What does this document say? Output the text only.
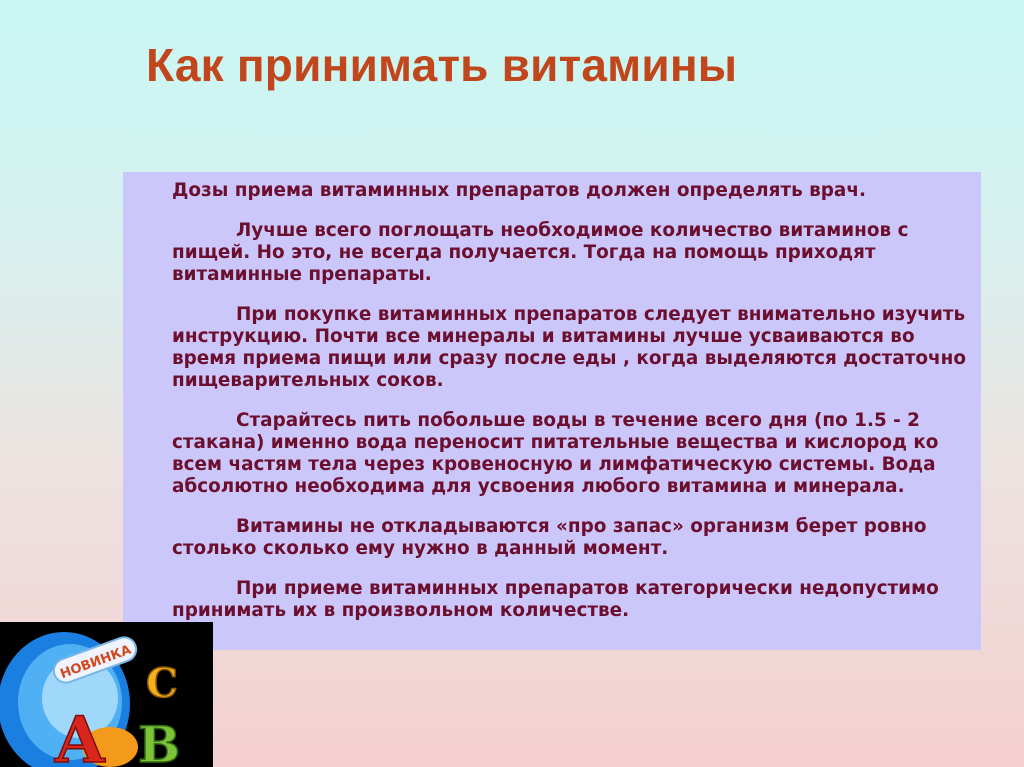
Как принимать витамины

Дозы приема витаминных препаратов должен определять врач.

Лучше всего поглощать необходимое количество витаминов с пищей. Но это, не всегда получается. Тогда на помощь приходят витаминные препараты.

При покупке витаминных препаратов следует внимательно изучить инструкцию. Почти все минералы и витамины лучше усваиваются во время приема пищи или сразу после еды , когда выделяются достаточно пищеварительных соков.

Старайтесь пить побольше воды в течение всего дня (по 1.5 - 2 стакана) именно вода переносит питательные вещества и кислород ко всем частям тела через кровеносную и лимфатическую системы. Вода абсолютно необходима для усвоения любого витамина и минерала.

Витамины не откладываются «про запас» организм берет ровно столько сколько ему нужно в данный момент.

При приеме витаминных препаратов категорически недопустимо принимать их в произвольном количестве.

НОВИНКА
A B
C
